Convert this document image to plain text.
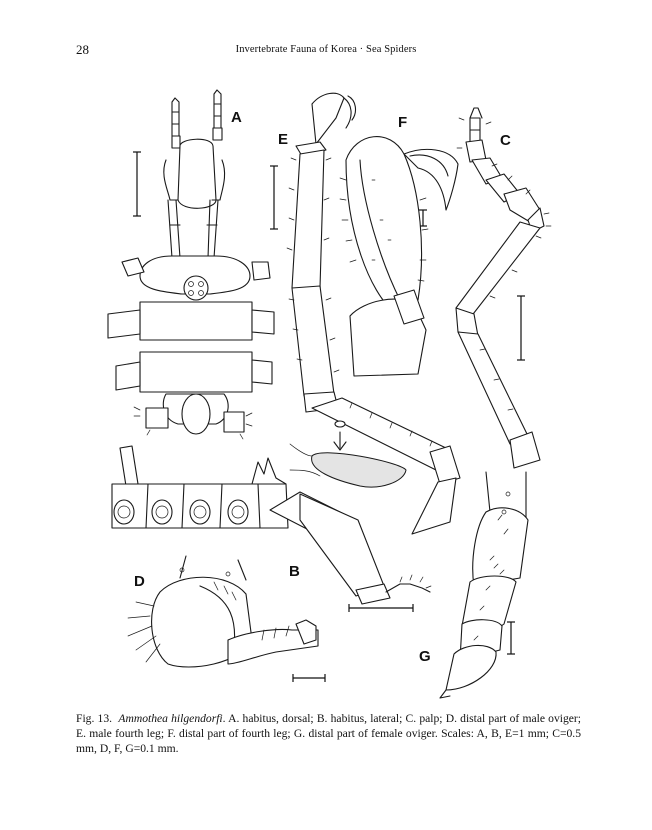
28	Invertebrate Fauna of Korea · Sea Spiders
A
B
C
D
E
F
G
Fig. 13. Ammothea hilgendorfi. A. habitus, dorsal; B. habitus, lateral; C. palp; D. distal part of male oviger; E. male fourth leg; F. distal part of fourth leg; G. distal part of female oviger. Scales: A, B, E=1 mm; C=0.5 mm, D, F, G=0.1 mm.
